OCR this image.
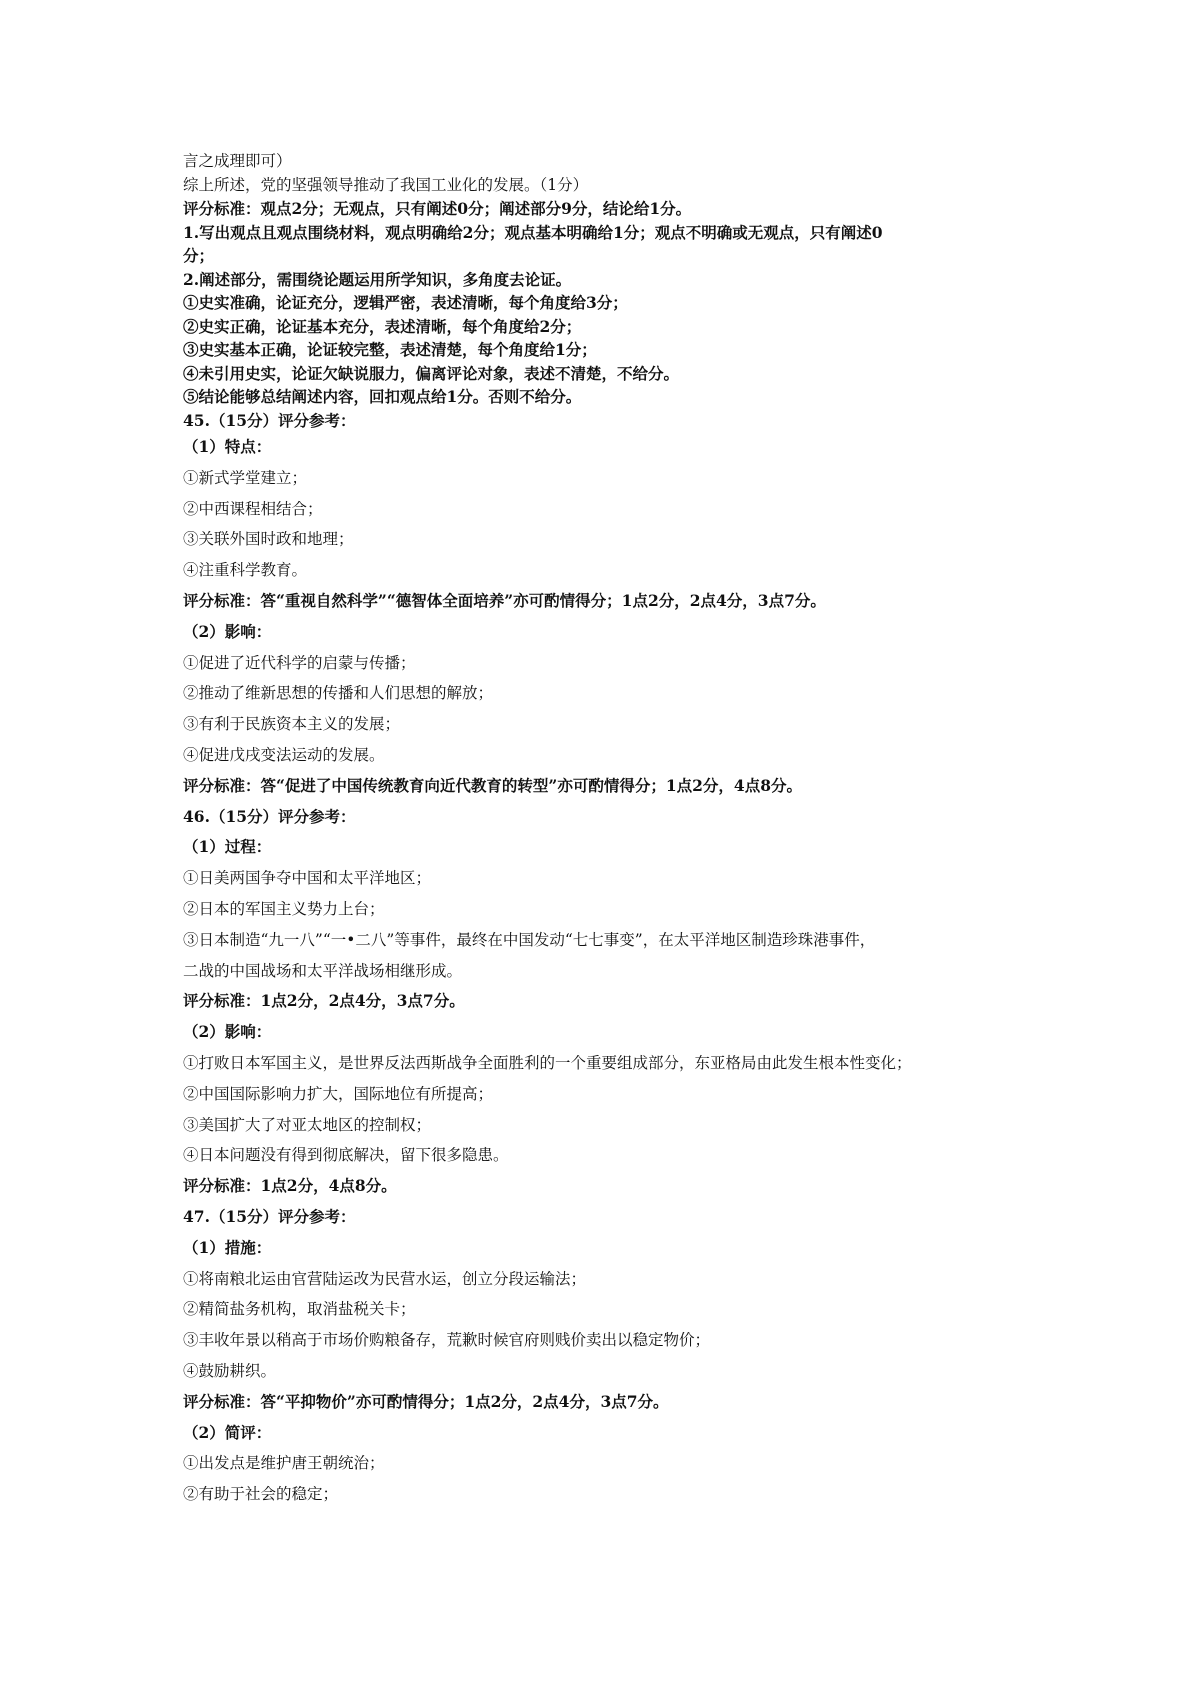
言之成理即可）

综上所述，党的坚强领导推动了我国工业化的发展。（1分）

评分标准：观点2分；无观点，只有阐述0分；阐述部分9分，结论给1分。

1.写出观点且观点围绕材料，观点明确给2分；观点基本明确给1分；观点不明确或无观点，只有阐述0

分；

2.阐述部分，需围绕论题运用所学知识，多角度去论证。

①史实准确，论证充分，逻辑严密，表述清晰，每个角度给3分；

②史实正确，论证基本充分，表述清晰，每个角度给2分；

③史实基本正确，论证较完整，表述清楚，每个角度给1分；

④未引用史实，论证欠缺说服力，偏离评论对象，表述不清楚，不给分。

⑤结论能够总结阐述内容，回扣观点给1分。否则不给分。

45.（15分）评分参考：

（1）特点：

①新式学堂建立；

②中西课程相结合；

③关联外国时政和地理；

④注重科学教育。

评分标准：答“重视自然科学”“德智体全面培养”亦可酌情得分；1点2分，2点4分，3点7分。

（2）影响：

①促进了近代科学的启蒙与传播；

②推动了维新思想的传播和人们思想的解放；

③有利于民族资本主义的发展；

④促进戊戌变法运动的发展。

评分标准：答“促进了中国传统教育向近代教育的转型”亦可酌情得分；1点2分，4点8分。

46.（15分）评分参考：

（1）过程：

①日美两国争夺中国和太平洋地区；

②日本的军国主义势力上台；

③日本制造“九一八”“一•二八”等事件，最终在中国发动“七七事变”，在太平洋地区制造珍珠港事件，

二战的中国战场和太平洋战场相继形成。

评分标准：1点2分，2点4分，3点7分。

（2）影响：

①打败日本军国主义，是世界反法西斯战争全面胜利的一个重要组成部分，东亚格局由此发生根本性变化；

②中国国际影响力扩大，国际地位有所提高；

③美国扩大了对亚太地区的控制权；

④日本问题没有得到彻底解决，留下很多隐患。

评分标准：1点2分，4点8分。

47.（15分）评分参考：

（1）措施：

①将南粮北运由官营陆运改为民营水运，创立分段运输法；

②精简盐务机构，取消盐税关卡；

③丰收年景以稍高于市场价购粮备存，荒歉时候官府则贱价卖出以稳定物价；

④鼓励耕织。

评分标准：答“平抑物价”亦可酌情得分；1点2分，2点4分，3点7分。

（2）简评：

①出发点是维护唐王朝统治；

②有助于社会的稳定；
